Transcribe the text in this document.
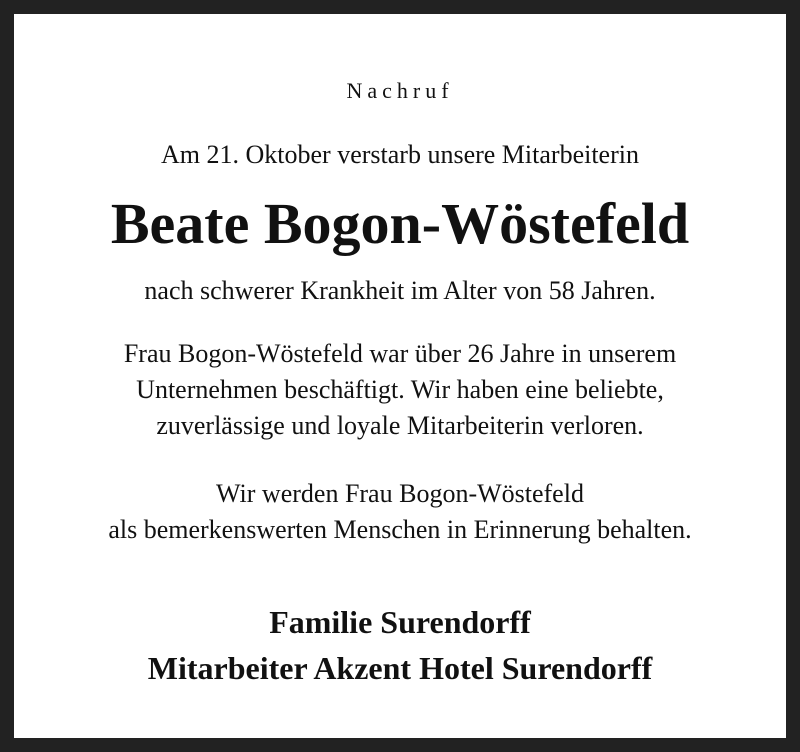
Nachruf

Am 21. Oktober verstarb unsere Mitarbeiterin

Beate Bogon-Wöstefeld

nach schwerer Krankheit im Alter von 58 Jahren.

Frau Bogon-Wöstefeld war über 26 Jahre in unserem
Unternehmen beschäftigt. Wir haben eine beliebte,
zuverlässige und loyale Mitarbeiterin verloren.
Wir werden Frau Bogon-Wöstefeld
als bemerkenswerten Menschen in Erinnerung behalten.

Familie Surendorff

Mitarbeiter Akzent Hotel Surendorff
